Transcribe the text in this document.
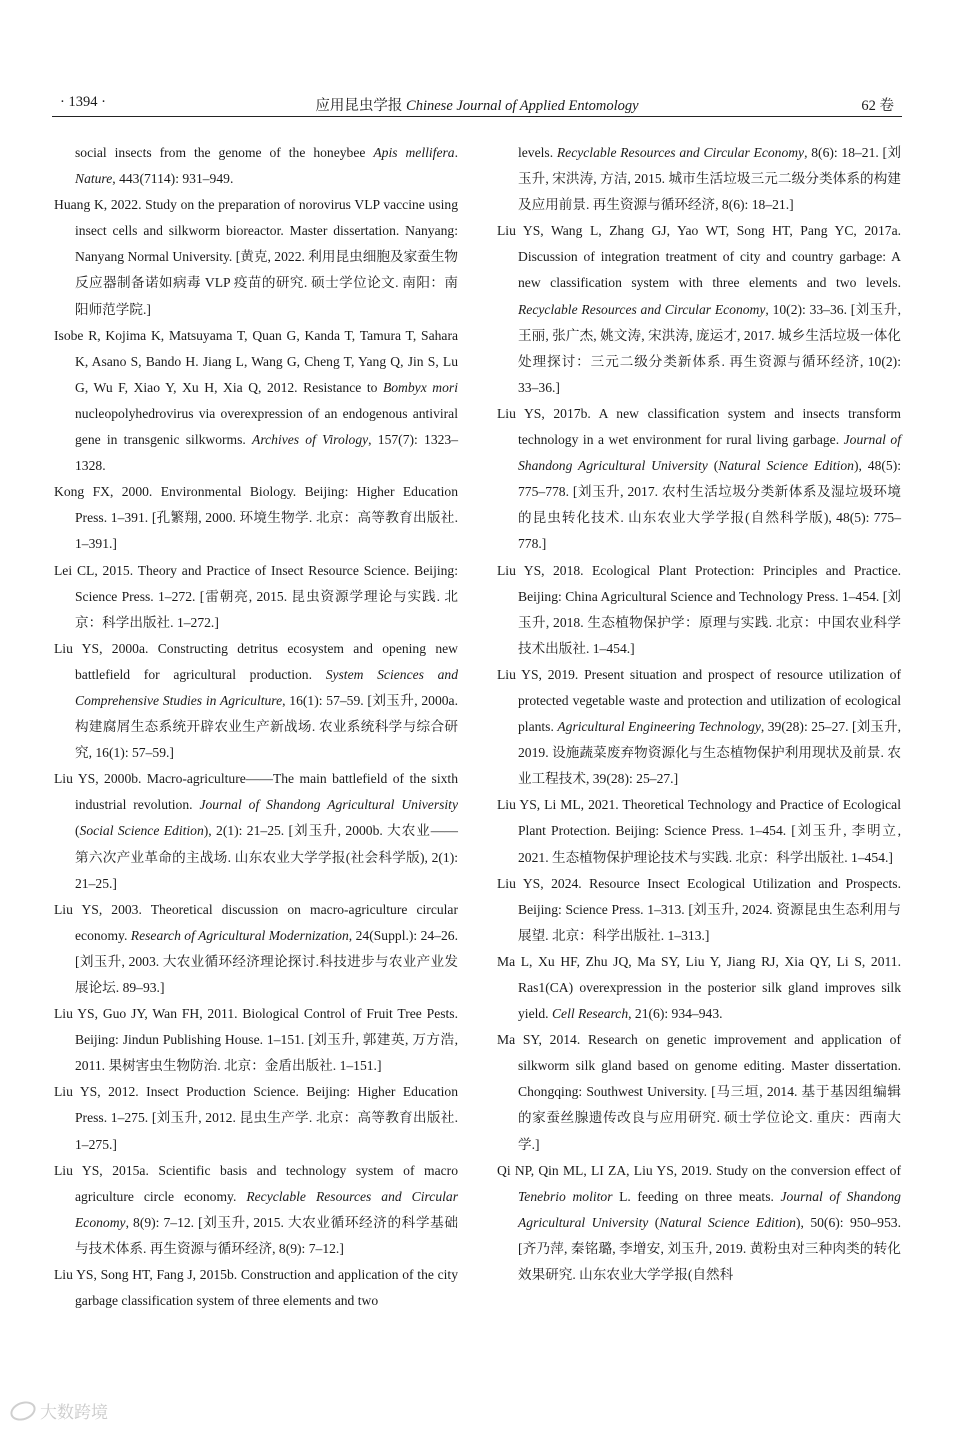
· 1394 ·	应用昆虫学报 Chinese Journal of Applied Entomology	62 卷
social insects from the genome of the honeybee Apis mellifera. Nature, 443(7114): 931–949.
Huang K, 2022. Study on the preparation of norovirus VLP vaccine using insect cells and silkworm bioreactor. Master dissertation. Nanyang: Nanyang Normal University. [黄克, 2022. 利用昆虫细胞及家蚕生物反应器制备诺如病毒 VLP 疫苗的研究. 硕士学位论文. 南阳：南阳师范学院.]
Isobe R, Kojima K, Matsuyama T, Quan G, Kanda T, Tamura T, Sahara K, Asano S, Bando H. Jiang L, Wang G, Cheng T, Yang Q, Jin S, Lu G, Wu F, Xiao Y, Xu H, Xia Q, 2012. Resistance to Bombyx mori nucleopolyhedrovirus via overexpression of an endogenous antiviral gene in transgenic silkworms. Archives of Virology, 157(7): 1323–1328.
Kong FX, 2000. Environmental Biology. Beijing: Higher Education Press. 1–391. [孔繁翔, 2000. 环境生物学. 北京：高等教育出版社. 1–391.]
Lei CL, 2015. Theory and Practice of Insect Resource Science. Beijing: Science Press. 1–272. [雷朝亮, 2015. 昆虫资源学理论与实践. 北京：科学出版社. 1–272.]
Liu YS, 2000a. Constructing detritus ecosystem and opening new battlefield for agricultural production. System Sciences and Comprehensive Studies in Agriculture, 16(1): 57–59. [刘玉升, 2000a. 构建腐屑生态系统开辟农业生产新战场. 农业系统科学与综合研究, 16(1): 57–59.]
Liu YS, 2000b. Macro-agriculture——The main battlefield of the sixth industrial revolution. Journal of Shandong Agricultural University (Social Science Edition), 2(1): 21–25. [刘玉升, 2000b. 大农业——第六次产业革命的主战场. 山东农业大学学报(社会科学版), 2(1): 21–25.]
Liu YS, 2003. Theoretical discussion on macro-agriculture circular economy. Research of Agricultural Modernization, 24(Suppl.): 24–26. [刘玉升, 2003. 大农业循环经济理论探讨.科技进步与农业产业发展论坛. 89–93.]
Liu YS, Guo JY, Wan FH, 2011. Biological Control of Fruit Tree Pests. Beijing: Jindun Publishing House. 1–151. [刘玉升, 郭建英, 万方浩, 2011. 果树害虫生物防治. 北京：金盾出版社. 1–151.]
Liu YS, 2012. Insect Production Science. Beijing: Higher Education Press. 1–275. [刘玉升, 2012. 昆虫生产学. 北京：高等教育出版社. 1–275.]
Liu YS, 2015a. Scientific basis and technology system of macro agriculture circle economy. Recyclable Resources and Circular Economy, 8(9): 7–12. [刘玉升, 2015. 大农业循环经济的科学基础与技术体系. 再生资源与循环经济, 8(9): 7–12.]
Liu YS, Song HT, Fang J, 2015b. Construction and application of the city garbage classification system of three elements and two
levels. Recyclable Resources and Circular Economy, 8(6): 18–21. [刘玉升, 宋洪涛, 方洁, 2015. 城市生活垃圾三元二级分类体系的构建及应用前景. 再生资源与循环经济, 8(6): 18–21.]
Liu YS, Wang L, Zhang GJ, Yao WT, Song HT, Pang YC, 2017a. Discussion of integration treatment of city and country garbage: A new classification system with three elements and two levels. Recyclable Resources and Circular Economy, 10(2): 33–36. [刘玉升, 王丽, 张广杰, 姚文涛, 宋洪涛, 庞运才, 2017. 城乡生活垃圾一体化处理探讨：三元二级分类新体系. 再生资源与循环经济, 10(2): 33–36.]
Liu YS, 2017b. A new classification system and insects transform technology in a wet environment for rural living garbage. Journal of Shandong Agricultural University (Natural Science Edition), 48(5): 775–778. [刘玉升, 2017. 农村生活垃圾分类新体系及湿垃圾环境的昆虫转化技术. 山东农业大学学报(自然科学版), 48(5): 775–778.]
Liu YS, 2018. Ecological Plant Protection: Principles and Practice. Beijing: China Agricultural Science and Technology Press. 1–454. [刘玉升, 2018. 生态植物保护学：原理与实践. 北京：中国农业科学技术出版社. 1–454.]
Liu YS, 2019. Present situation and prospect of resource utilization of protected vegetable waste and protection and utilization of ecological plants. Agricultural Engineering Technology, 39(28): 25–27. [刘玉升, 2019. 设施蔬菜废弃物资源化与生态植物保护利用现状及前景. 农业工程技术, 39(28): 25–27.]
Liu YS, Li ML, 2021. Theoretical Technology and Practice of Ecological Plant Protection. Beijing: Science Press. 1–454. [刘玉升, 李明立, 2021. 生态植物保护理论技术与实践. 北京：科学出版社. 1–454.]
Liu YS, 2024. Resource Insect Ecological Utilization and Prospects. Beijing: Science Press. 1–313. [刘玉升, 2024. 资源昆虫生态利用与展望. 北京：科学出版社. 1–313.]
Ma L, Xu HF, Zhu JQ, Ma SY, Liu Y, Jiang RJ, Xia QY, Li S, 2011. Ras1(CA) overexpression in the posterior silk gland improves silk yield. Cell Research, 21(6): 934–943.
Ma SY, 2014. Research on genetic improvement and application of silkworm silk gland based on genome editing. Master dissertation. Chongqing: Southwest University. [马三垣, 2014. 基于基因组编辑的家蚕丝腺遗传改良与应用研究. 硕士学位论文. 重庆：西南大学.]
Qi NP, Qin ML, LI ZA, Liu YS, 2019. Study on the conversion effect of Tenebrio molitor L. feeding on three meats. Journal of Shandong Agricultural University (Natural Science Edition), 50(6): 950–953. [齐乃萍, 秦铭璐, 李增安, 刘玉升, 2019. 黄粉虫对三种肉类的转化效果研究. 山东农业大学学报(自然科
大数跨境
